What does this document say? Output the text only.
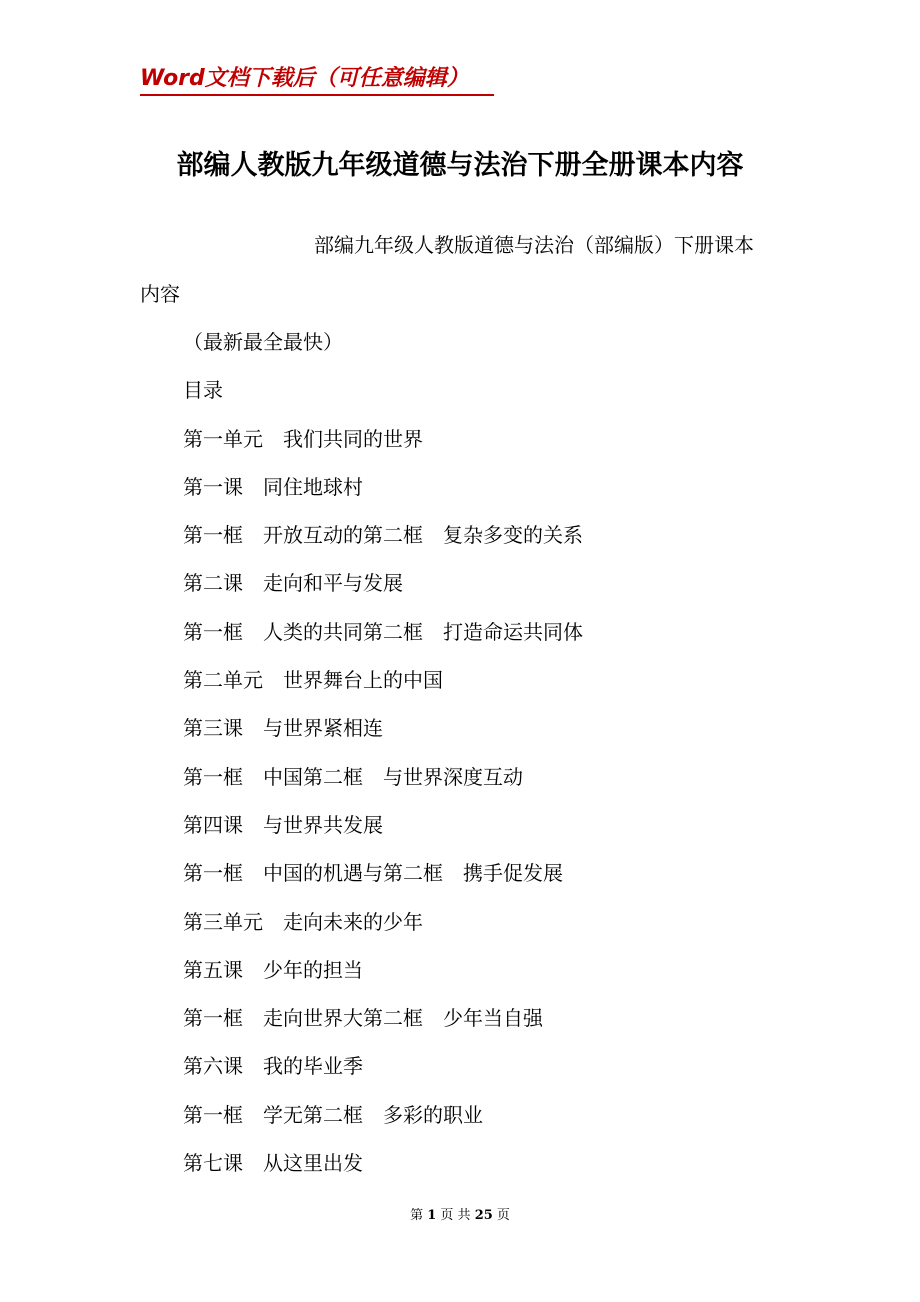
Word文档下载后（可任意编辑）
部编人教版九年级道德与法治下册全册课本内容
部编九年级人教版道德与法治（部编版）下册课本
内容
（最新最全最快）
目录
第一单元　我们共同的世界
第一课　同住地球村
第一框　开放互动的第二框　复杂多变的关系
第二课　走向和平与发展
第一框　人类的共同第二框　打造命运共同体
第二单元　世界舞台上的中国
第三课　与世界紧相连
第一框　中国第二框　与世界深度互动
第四课　与世界共发展
第一框　中国的机遇与第二框　携手促发展
第三单元　走向未来的少年
第五课　少年的担当
第一框　走向世界大第二框　少年当自强
第六课　我的毕业季
第一框　学无第二框　多彩的职业
第七课　从这里出发
第 1 页 共 25 页
